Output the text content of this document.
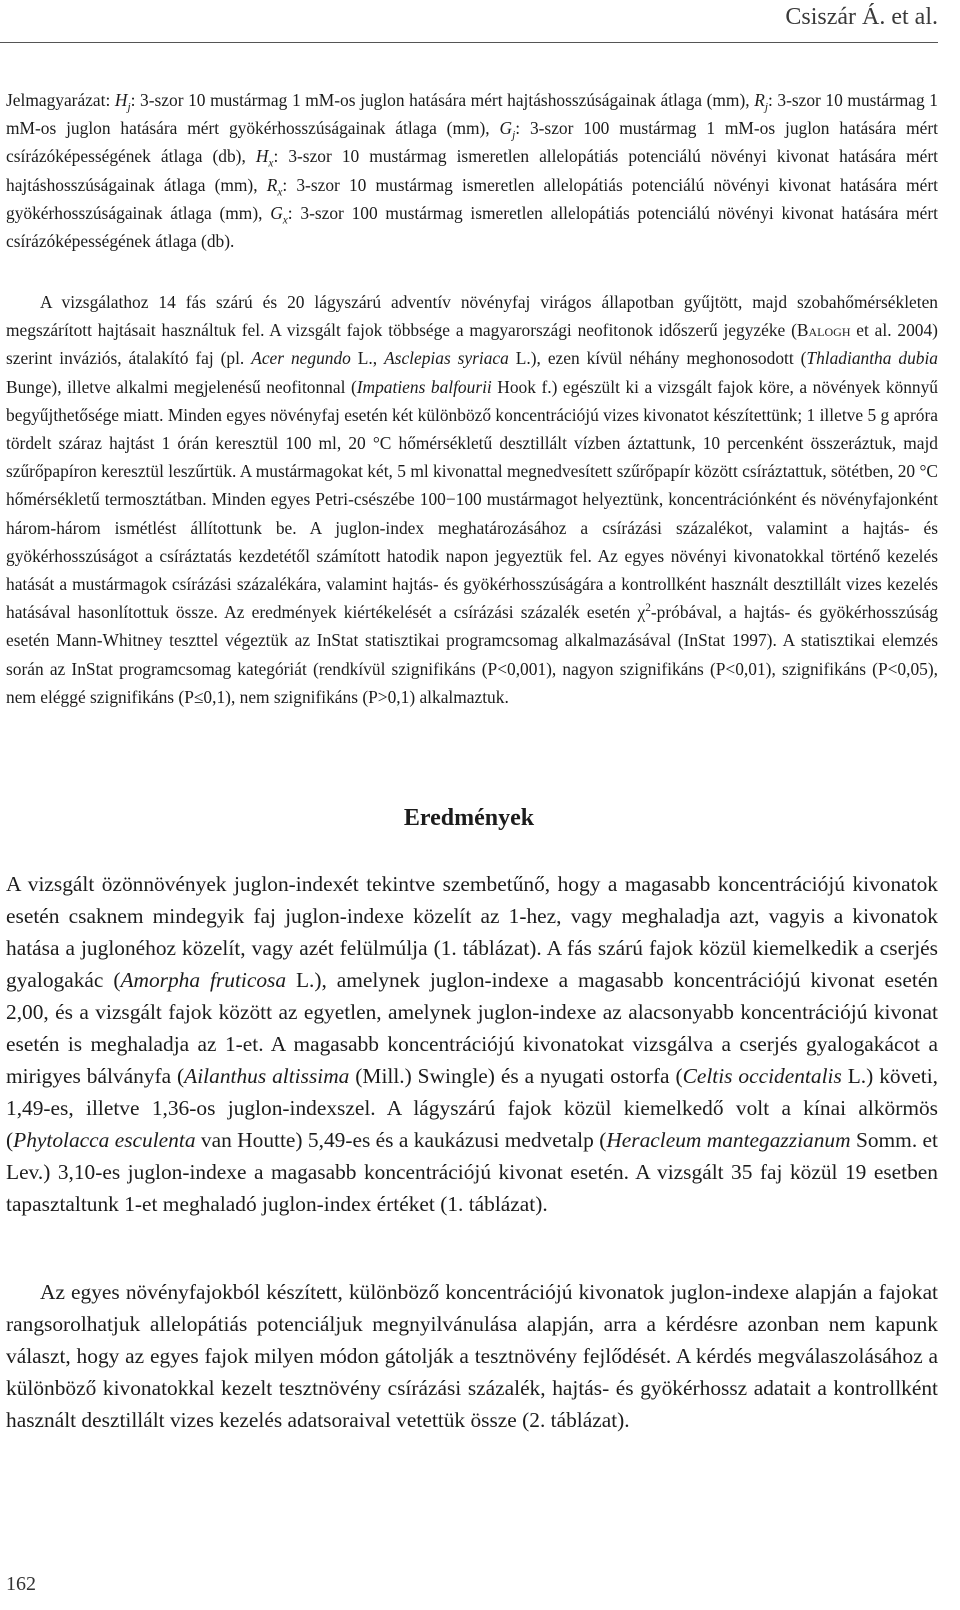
Csiszár Á. et al.

Jelmagyarázat: $H_j$: 3-szor 10 mustármag 1 mM-os juglon hatására mért hajtáshosszúságainak átlaga (mm), $R_j$: 3-szor 10 mustármag 1 mM-os juglon hatására mért gyökérhosszúságainak átlaga (mm), $G_j$: 3-szor 100 mustármag 1 mM-os juglon hatására mért csírázóképességének átlaga (db), $H_x$: 3-szor 10 mustármag ismeretlen allelopátiás potenciálú növényi kivonat hatására mért hajtáshosszúságainak átlaga (mm), $R_x$: 3-szor 10 mustármag ismeretlen allelopátiás potenciálú növényi kivonat hatására mért gyökérhosszúságainak átlaga (mm), $G_x$: 3-szor 100 mustármag ismeretlen allelopátiás potenciálú növényi kivonat hatására mért csírázóképességének átlaga (db).

A vizsgálathoz 14 fás szárú és 20 lágyszárú adventív növényfaj virágos állapotban gyűjtött, majd szobahőmérsékleten megszárított hajtásait használtuk fel. A vizsgált fajok többsége a magyarországi neofitonok időszerű jegyzéke (Balogh et al. 2004) szerint inváziós, átalakító faj (pl. Acer negundo L., Asclepias syriaca L.), ezen kívül néhány meghonosodott (Thladiantha dubia Bunge), illetve alkalmi megjelenésű neofitonnal (Impatiens balfourii Hook f.) egészült ki a vizsgált fajok köre, a növények könnyű begyűjthetősége miatt. Minden egyes növényfaj esetén két különböző koncentrációjú vizes kivonatot készítettünk; 1 illetve 5 g apróra tördelt száraz hajtást 1 órán keresztül 100 ml, 20 °C hőmérsékletű desztillált vízben áztattunk, 10 percenként összeráztuk, majd szűrőpapíron keresztül leszűrtük. A mustármagokat két, 5 ml kivonattal megnedvesített szűrőpapír között csíráztattuk, sötétben, 20 °C hőmérsékletű termosztátban. Minden egyes Petri-csészébe 100−100 mustármagot helyeztünk, koncentrációnként és növényfajonként három-három ismétlést állítottunk be. A juglon-index meghatározásához a csírázási százalékot, valamint a hajtás- és gyökérhosszúságot a csíráztatás kezdetétől számított hatodik napon jegyeztük fel. Az egyes növényi kivonatokkal történő kezelés hatását a mustármagok csírázási százalékára, valamint hajtás- és gyökérhosszúságára a kontrollként használt desztillált vizes kezelés hatásával hasonlítottuk össze. Az eredmények kiértékelését a csírázási százalék esetén $\chi^2$-próbával, a hajtás- és gyökérhosszúság esetén Mann-Whitney teszttel végeztük az InStat statisztikai programcsomag alkalmazásával (InStat 1997). A statisztikai elemzés során az InStat programcsomag kategóriát (rendkívül szignifikáns (P<0,001), nagyon szignifikáns (P<0,01), szignifikáns (P<0,05), nem eléggé szignifikáns (P≤0,1), nem szignifikáns (P>0,1) alkalmaztuk.

Eredmények

A vizsgált özönnövények juglon-indexét tekintve szembetűnő, hogy a magasabb koncentrációjú kivonatok esetén csaknem mindegyik faj juglon-indexe közelít az 1-hez, vagy meghaladja azt, vagyis a kivonatok hatása a juglonéhoz közelít, vagy azét felülmúlja (1. táblázat). A fás szárú fajok közül kiemelkedik a cserjés gyalogakác (Amorpha fruticosa L.), amelynek juglon-indexe a magasabb koncentrációjú kivonat esetén 2,00, és a vizsgált fajok között az egyetlen, amelynek juglon-indexe az alacsonyabb koncentrációjú kivonat esetén is meghaladja az 1-et. A magasabb koncentrációjú kivonatokat vizsgálva a cserjés gyalogakácot a mirigyes bálványfa (Ailanthus altissima (Mill.) Swingle) és a nyugati ostorfa (Celtis occidentalis L.) követi, 1,49-es, illetve 1,36-os juglon-indexszel. A lágyszárú fajok közül kiemelkedő volt a kínai alkörmös (Phytolacca esculenta van Houtte) 5,49-es és a kaukázusi medvetalp (Heracleum mantegazzianum Somm. et Lev.) 3,10-es juglon-indexe a magasabb koncentrációjú kivonat esetén. A vizsgált 35 faj közül 19 esetben tapasztaltunk 1-et meghaladó juglon-index értéket (1. táblázat).

Az egyes növényfajokból készített, különböző koncentrációjú kivonatok juglon-indexe alapján a fajokat rangsorolhatjuk allelopátiás potenciáljuk megnyilvánulása alapján, arra a kérdésre azonban nem kapunk választ, hogy az egyes fajok milyen módon gátolják a tesztnövény fejlődését. A kérdés megválaszolásához a különböző kivonatokkal kezelt tesztnövény csírázási százalék, hajtás- és gyökérhossz adatait a kontrollként használt desztillált vizes kezelés adatsoraival vetettük össze (2. táblázat).

162
